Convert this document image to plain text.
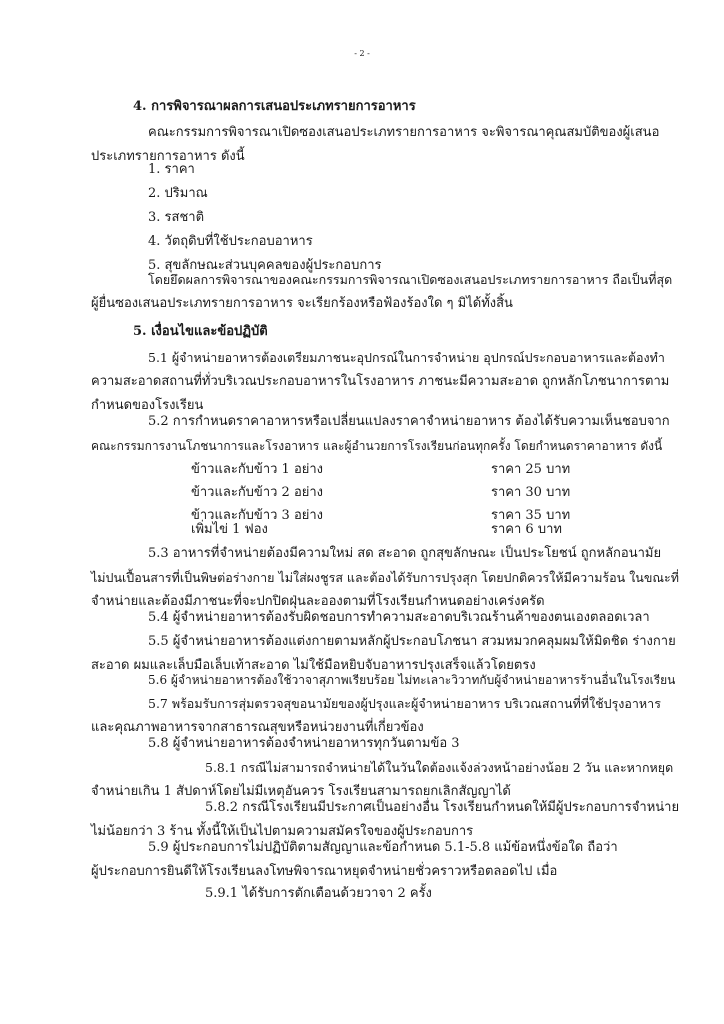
- 2 -
4. การพิจารณาผลการเสนอประเภทรายการอาหาร
คณะกรรมการพิจารณาเปิดซองเสนอประเภทรายการอาหาร จะพิจารณาคุณสมบัติของผู้เสนอ
ประเภทรายการอาหาร ดังนี้
1. ราคา
2. ปริมาณ
3. รสชาติ
4. วัตถุดิบที่ใช้ประกอบอาหาร
5. สุขลักษณะส่วนบุคคลของผู้ประกอบการ
โดยยึดผลการพิจารณาของคณะกรรมการพิจารณาเปิดซองเสนอประเภทรายการอาหาร ถือเป็นที่สุด
ผู้ยื่นซองเสนอประเภทรายการอาหาร จะเรียกร้องหรือฟ้องร้องใด ๆ มิได้ทั้งสิ้น
5. เงื่อนไขและข้อปฏิบัติ
5.1 ผู้จำหน่ายอาหารต้องเตรียมภาชนะอุปกรณ์ในการจำหน่าย อุปกรณ์ประกอบอาหารและต้องทำ
ความสะอาดสถานที่ทั่วบริเวณประกอบอาหารในโรงอาหาร ภาชนะมีความสะอาด ถูกหลักโภชนาการตาม
กำหนดของโรงเรียน
5.2 การกำหนดราคาอาหารหรือเปลี่ยนแปลงราคาจำหน่ายอาหาร ต้องได้รับความเห็นชอบจาก
คณะกรรมการงานโภชนาการและโรงอาหาร และผู้อำนวยการโรงเรียนก่อนทุกครั้ง โดยกำหนดราคาอาหาร ดังนี้
ข้าวและกับข้าว 1 อย่าง	ราคา 25 บาท
ข้าวและกับข้าว 2 อย่าง	ราคา 30 บาท
ข้าวและกับข้าว 3 อย่าง	ราคา 35 บาท
เพิ่มไข่ 1 ฟอง	ราคา 6 บาท
5.3 อาหารที่จำหน่ายต้องมีความใหม่ สด สะอาด ถูกสุขลักษณะ เป็นประโยชน์ ถูกหลักอนามัย
ไม่ปนเปื้อนสารที่เป็นพิษต่อร่างกาย ไม่ใส่ผงชูรส และต้องได้รับการปรุงสุก โดยปกติควรให้มีความร้อน ในขณะที่
จำหน่ายและต้องมีภาชนะที่จะปกปิดฝุ่นละอองตามที่โรงเรียนกำหนดอย่างเคร่งครัด
5.4 ผู้จำหน่ายอาหารต้องรับผิดชอบการทำความสะอาดบริเวณร้านค้าของตนเองตลอดเวลา
5.5 ผู้จำหน่ายอาหารต้องแต่งกายตามหลักผู้ประกอบโภชนา สวมหมวกคลุมผมให้มิดชิด ร่างกาย
สะอาด ผมและเล็บมือเล็บเท้าสะอาด ไม่ใช้มือหยิบจับอาหารปรุงเสร็จแล้วโดยตรง
5.6 ผู้จำหน่ายอาหารต้องใช้วาจาสุภาพเรียบร้อย ไม่ทะเลาะวิวาทกับผู้จำหน่ายอาหารร้านอื่นในโรงเรียน
5.7 พร้อมรับการสุ่มตรวจสุขอนามัยของผู้ปรุงและผู้จำหน่ายอาหาร บริเวณสถานที่ที่ใช้ปรุงอาหาร
และคุณภาพอาหารจากสาธารณสุขหรือหน่วยงานที่เกี่ยวข้อง
5.8 ผู้จำหน่ายอาหารต้องจำหน่ายอาหารทุกวันตามข้อ 3
5.8.1 กรณีไม่สามารถจำหน่ายได้ในวันใดต้องแจ้งล่วงหน้าอย่างน้อย 2 วัน และหากหยุด
จำหน่ายเกิน 1 สัปดาห์โดยไม่มีเหตุอันควร โรงเรียนสามารถยกเลิกสัญญาได้
5.8.2 กรณีโรงเรียนมีประกาศเป็นอย่างอื่น โรงเรียนกำหนดให้มีผู้ประกอบการจำหน่าย
ไม่น้อยกว่า 3 ร้าน ทั้งนี้ให้เป็นไปตามความสมัครใจของผู้ประกอบการ
5.9 ผู้ประกอบการไม่ปฏิบัติตามสัญญาและข้อกำหนด 5.1-5.8 แม้ข้อหนึ่งข้อใด ถือว่า
ผู้ประกอบการยินดีให้โรงเรียนลงโทษพิจารณาหยุดจำหน่ายชั่วคราวหรือตลอดไป เมื่อ
5.9.1 ได้รับการตักเตือนด้วยวาจา 2 ครั้ง
